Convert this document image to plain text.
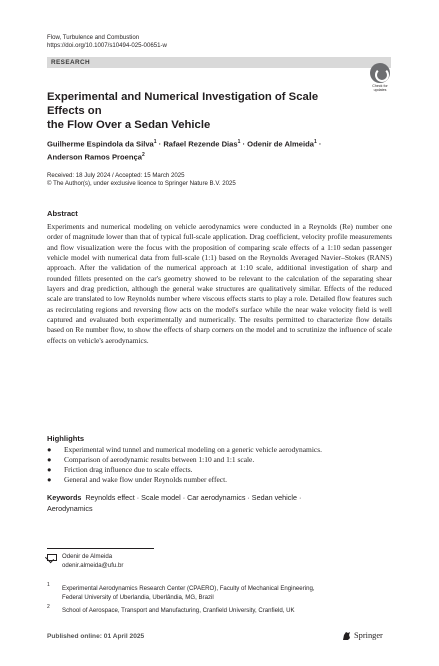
Flow, Turbulence and Combustion
https://doi.org/10.1007/s10494-025-00651-w
RESEARCH
Check for
updates
Experimental and Numerical Investigation of Scale Effects on
the Flow Over a Sedan Vehicle
Guilherme Espindola da Silva$^1$ · Rafael Rezende Dias$^1$ · Odenir de Almeida$^1$ ·
Anderson Ramos Proença$^2$
Received: 18 July 2024 / Accepted: 15 March 2025
© The Author(s), under exclusive licence to Springer Nature B.V. 2025
Abstract
Experiments and numerical modeling on vehicle aerodynamics were conducted in a Reynolds (Re) number one order of magnitude lower than that of typical full-scale application. Drag coefficient, velocity profile measurements and flow visualization were the focus with the proposition of comparing scale effects of a 1:10 sedan passenger vehicle model with numerical data from full-scale (1:1) based on the Reynolds Averaged Navier–Stokes (RANS) approach. After the validation of the numerical approach at 1:10 scale, additional investigation of sharp and rounded fillets presented on the car's geometry showed to be relevant to the calculation of the separating shear layers and drag prediction, although the general wake structures are qualitatively similar. Effects of the reduced scale are translated to low Reynolds number where viscous effects starts to play a role. Detailed flow features such as recirculating regions and reversing flow acts on the model's surface while the near wake velocity field is well captured and evaluated both experimentally and numerically. The results permitted to characterize flow details based on Re number flow, to show the effects of sharp corners on the model and to scrutinize the influence of scale effects on vehicle's aerodynamics.
Highlights
● Experimental wind tunnel and numerical modeling on a generic vehicle aerodynamics.
● Comparison of aerodynamic results between 1:10 and 1:1 scale.
● Friction drag influence due to scale effects.
● General and wake flow under Reynolds number effect.
Keywords Reynolds effect · Scale model · Car aerodynamics · Sedan vehicle ·
Aerodynamics
Odenir de Almeida
odenir.almeida@ufu.br
1 Experimental Aerodynamics Research Center (CPAERO), Faculty of Mechanical Engineering,
Federal University of Uberlandia, Uberlândia, MG, Brazil
2 School of Aerospace, Transport and Manufacturing, Cranfield University, Cranfield, UK
Published online: 01 April 2025	Springer
